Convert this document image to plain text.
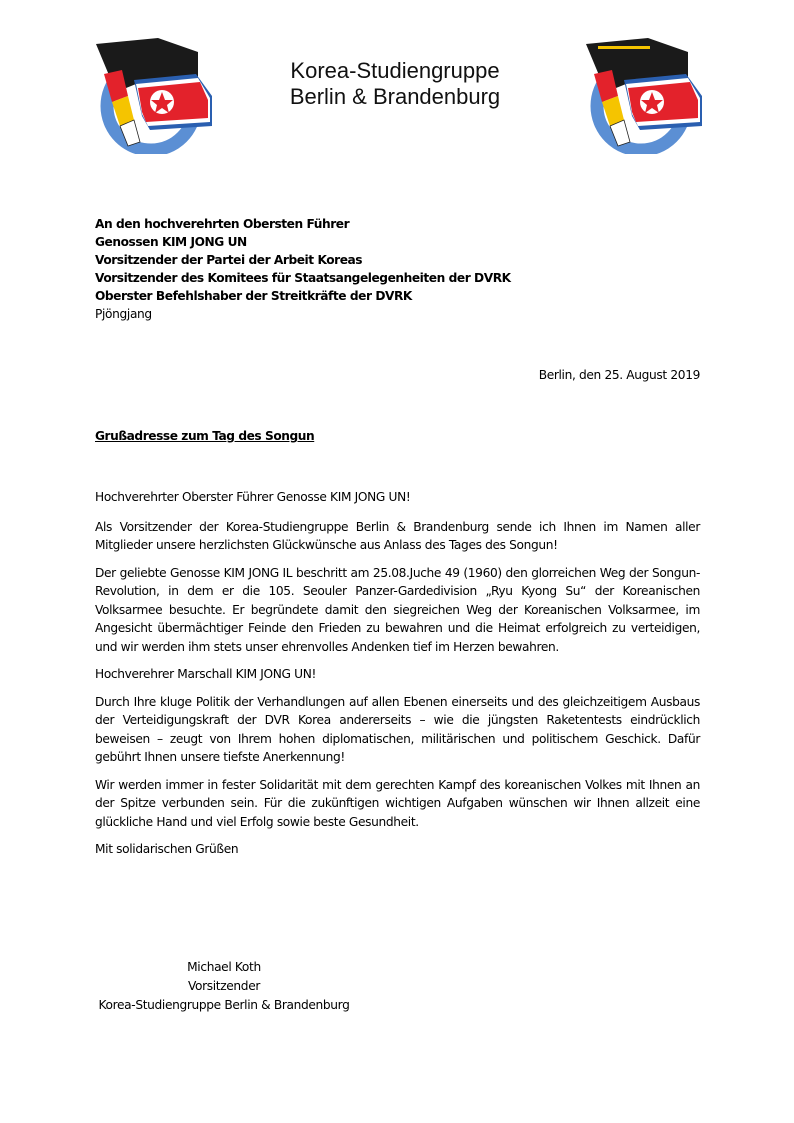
Korea-Studiengruppe
Berlin & Brandenburg
An den hochverehrten Obersten Führer
Genossen KIM JONG UN
Vorsitzender der Partei der Arbeit Koreas
Vorsitzender des Komitees für Staatsangelegenheiten der DVRK
Oberster Befehlshaber der Streitkräfte der DVRK
Pjöngjang
Berlin, den 25. August 2019
Grußadresse zum Tag des Songun

Hochverehrter Oberster Führer Genosse KIM JONG UN!

Als Vorsitzender der Korea-Studiengruppe Berlin & Brandenburg sende ich Ihnen im Namen aller Mitglieder unsere herzlichsten Glückwünsche aus Anlass des Tages des Songun!

Der geliebte Genosse KIM JONG IL beschritt am 25.08.Juche 49 (1960) den glorreichen Weg der Songun-Revolution, in dem er die 105. Seouler Panzer-Gardedivision „Ryu Kyong Su“ der Koreanischen Volksarmee besuchte. Er begründete damit den siegreichen Weg der Koreanischen Volksarmee, im Angesicht übermächtiger Feinde den Frieden zu bewahren und die Heimat erfolgreich zu verteidigen, und wir werden ihm stets unser ehrenvolles Andenken tief im Herzen bewahren.

Hochverehrer Marschall KIM JONG UN!

Durch Ihre kluge Politik der Verhandlungen auf allen Ebenen einerseits und des gleichzeitigem Ausbaus der Verteidigungskraft der DVR Korea andererseits – wie die jüngsten Raketentests eindrücklich beweisen – zeugt von Ihrem hohen diplomatischen, militärischen und politischem Geschick. Dafür gebührt Ihnen unsere tiefste Anerkennung!

Wir werden immer in fester Solidarität mit dem gerechten Kampf des koreanischen Volkes mit Ihnen an der Spitze verbunden sein. Für die zukünftigen wichtigen Aufgaben wünschen wir Ihnen allzeit eine glückliche Hand und viel Erfolg sowie beste Gesundheit.

Mit solidarischen Grüßen

Michael Koth
Vorsitzender
Korea-Studiengruppe Berlin & Brandenburg
